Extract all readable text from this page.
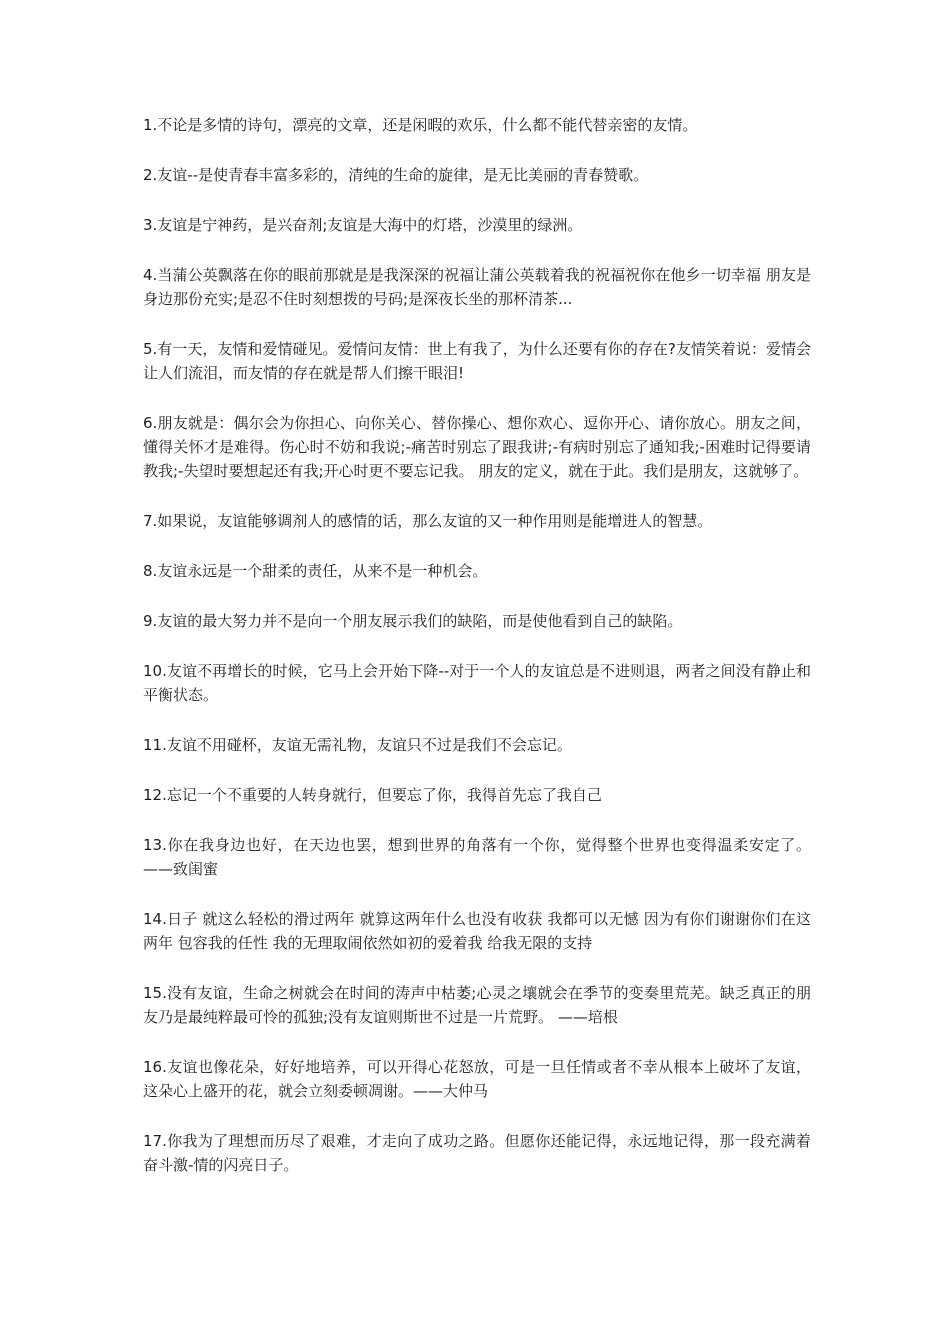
1.不论是多情的诗句，漂亮的文章，还是闲暇的欢乐，什么都不能代替亲密的友情。

2.友谊--是使青春丰富多彩的，清纯的生命的旋律，是无比美丽的青春赞歌。

3.友谊是宁神药，是兴奋剂;友谊是大海中的灯塔，沙漠里的绿洲。

4.当蒲公英飘落在你的眼前那就是是我深深的祝福让蒲公英载着我的祝福祝你在他乡一切幸福 朋友是身边那份充实;是忍不住时刻想拨的号码;是深夜长坐的那杯清茶...

5.有一天，友情和爱情碰见。爱情问友情：世上有我了，为什么还要有你的存在?友情笑着说：爱情会让人们流泪，而友情的存在就是帮人们擦干眼泪!

6.朋友就是：偶尔会为你担心、向你关心、替你操心、想你欢心、逗你开心、请你放心。朋友之间，懂得关怀才是难得。伤心时不妨和我说;-痛苦时别忘了跟我讲;-有病时别忘了通知我;-困难时记得要请教我;-失望时要想起还有我;开心时更不要忘记我。 朋友的定义，就在于此。我们是朋友，这就够了。

7.如果说，友谊能够调剂人的感情的话，那么友谊的又一种作用则是能增进人的智慧。

8.友谊永远是一个甜柔的责任，从来不是一种机会。

9.友谊的最大努力并不是向一个朋友展示我们的缺陷，而是使他看到自己的缺陷。

10.友谊不再增长的时候，它马上会开始下降--对于一个人的友谊总是不进则退，两者之间没有静止和平衡状态。

11.友谊不用碰杯，友谊无需礼物，友谊只不过是我们不会忘记。

12.忘记一个不重要的人转身就行，但要忘了你，我得首先忘了我自己

13.你在我身边也好，在天边也罢，想到世界的角落有一个你，觉得整个世界也变得温柔安定了。 ——致闺蜜

14.日子 就这么轻松的滑过两年 就算这两年什么也没有收获 我都可以无憾 因为有你们谢谢你们在这两年 包容我的任性 我的无理取闹依然如初的爱着我 给我无限的支持

15.没有友谊，生命之树就会在时间的涛声中枯萎;心灵之壤就会在季节的变奏里荒芜。缺乏真正的朋友乃是最纯粹最可怜的孤独;没有友谊则斯世不过是一片荒野。 ——培根

16.友谊也像花朵，好好地培养，可以开得心花怒放，可是一旦任情或者不幸从根本上破坏了友谊，这朵心上盛开的花，就会立刻委顿凋谢。——大仲马

17.你我为了理想而历尽了艰难，才走向了成功之路。但愿你还能记得，永远地记得，那一段充满着奋斗激-情的闪亮日子。
